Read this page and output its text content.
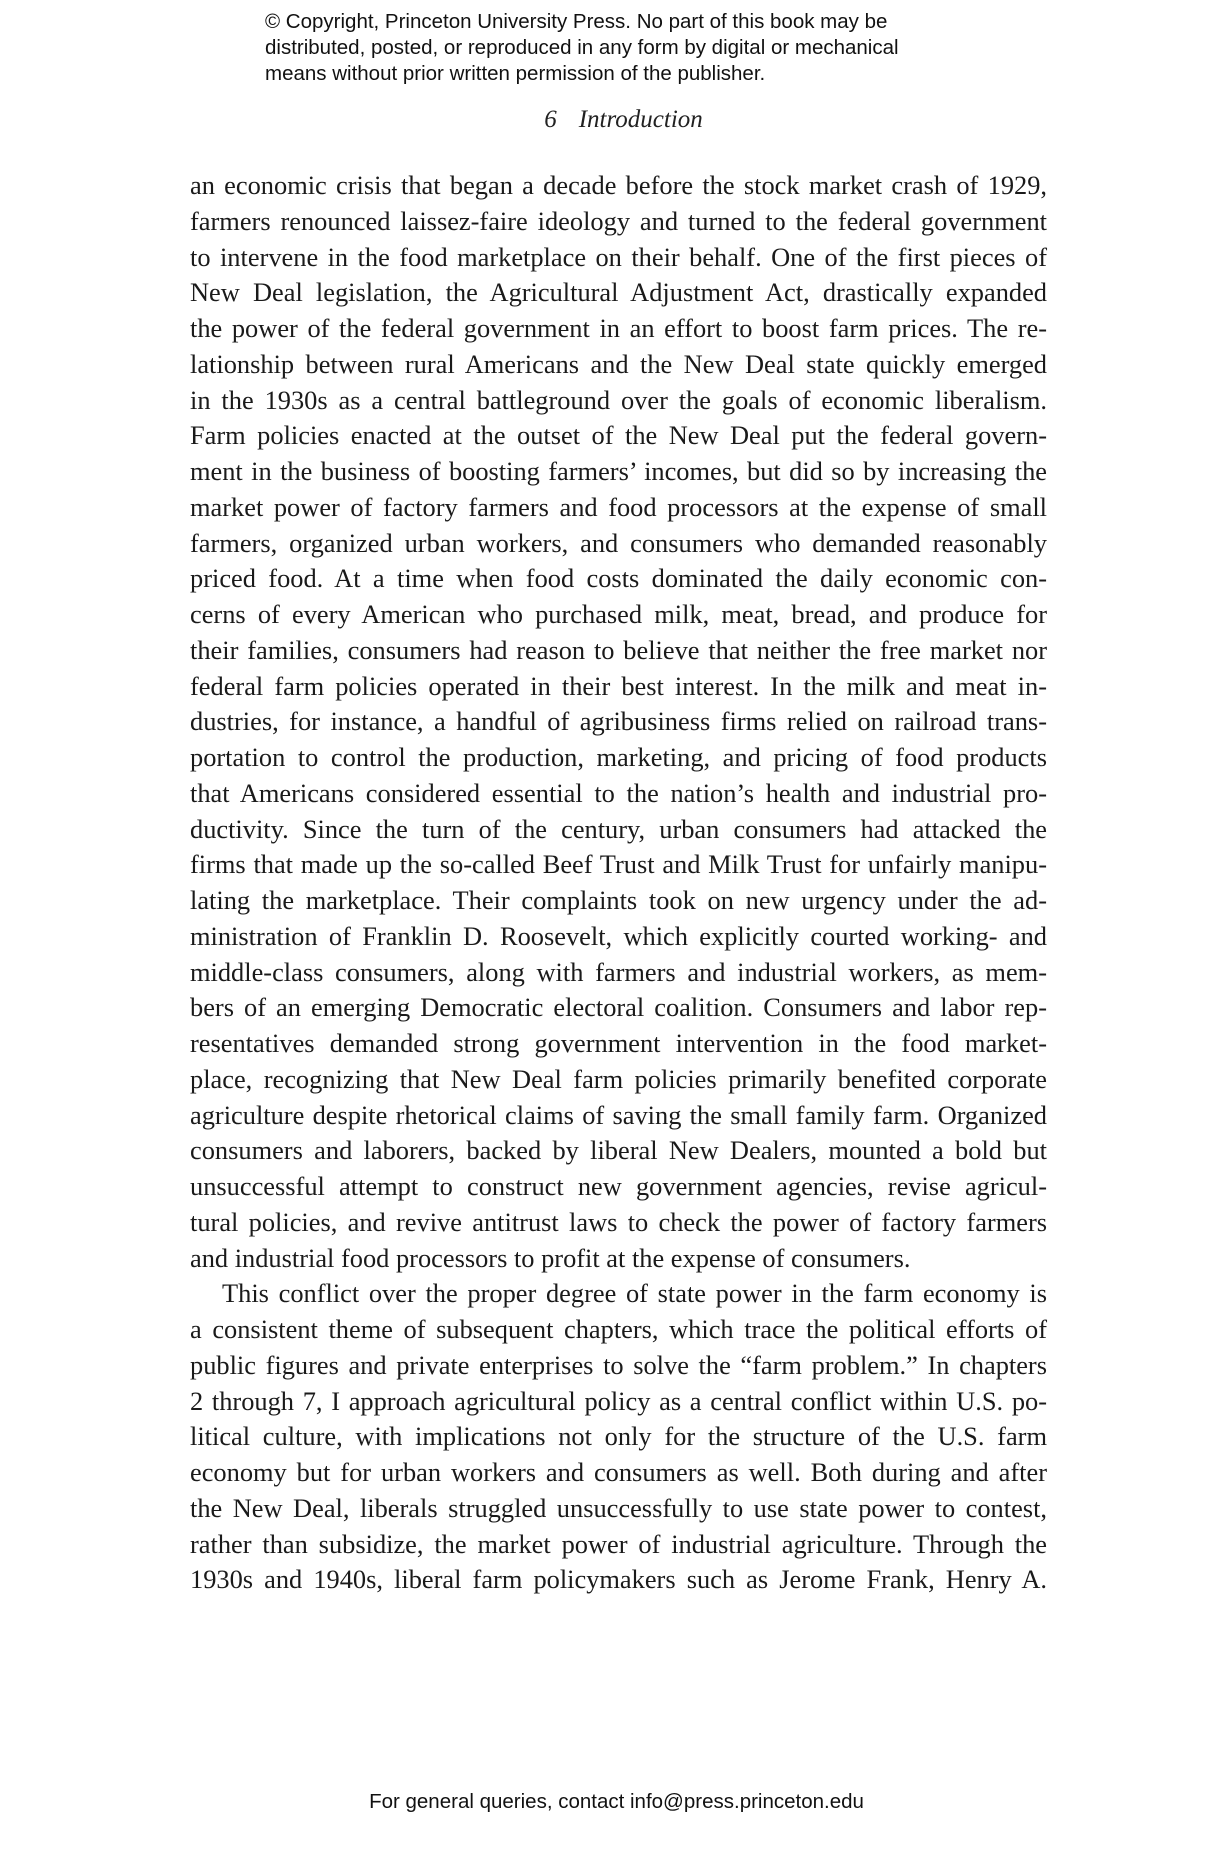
© Copyright, Princeton University Press. No part of this book may be
distributed, posted, or reproduced in any form by digital or mechanical
means without prior written permission of the publisher.
6 Introduction
an economic crisis that began a decade before the stock market crash of 1929,
farmers renounced laissez-faire ideology and turned to the federal government
to intervene in the food marketplace on their behalf. One of the first pieces of
New Deal legislation, the Agricultural Adjustment Act, drastically expanded
the power of the federal government in an effort to boost farm prices. The re-
lationship between rural Americans and the New Deal state quickly emerged
in the 1930s as a central battleground over the goals of economic liberalism.
Farm policies enacted at the outset of the New Deal put the federal govern-
ment in the business of boosting farmers’ incomes, but did so by increasing the
market power of factory farmers and food processors at the expense of small
farmers, organized urban workers, and consumers who demanded reasonably
priced food. At a time when food costs dominated the daily economic con-
cerns of every American who purchased milk, meat, bread, and produce for
their families, consumers had reason to believe that neither the free market nor
federal farm policies operated in their best interest. In the milk and meat in-
dustries, for instance, a handful of agribusiness firms relied on railroad trans-
portation to control the production, marketing, and pricing of food products
that Americans considered essential to the nation’s health and industrial pro-
ductivity. Since the turn of the century, urban consumers had attacked the
firms that made up the so-called Beef Trust and Milk Trust for unfairly manipu-
lating the marketplace. Their complaints took on new urgency under the ad-
ministration of Franklin D. Roosevelt, which explicitly courted working- and
middle-class consumers, along with farmers and industrial workers, as mem-
bers of an emerging Democratic electoral coalition. Consumers and labor rep-
resentatives demanded strong government intervention in the food market-
place, recognizing that New Deal farm policies primarily benefited corporate
agriculture despite rhetorical claims of saving the small family farm. Organized
consumers and laborers, backed by liberal New Dealers, mounted a bold but
unsuccessful attempt to construct new government agencies, revise agricul-
tural policies, and revive antitrust laws to check the power of factory farmers
and industrial food processors to profit at the expense of consumers.
This conflict over the proper degree of state power in the farm economy is
a consistent theme of subsequent chapters, which trace the political efforts of
public figures and private enterprises to solve the “farm problem.” In chapters
2 through 7, I approach agricultural policy as a central conflict within U.S. po-
litical culture, with implications not only for the structure of the U.S. farm
economy but for urban workers and consumers as well. Both during and after
the New Deal, liberals struggled unsuccessfully to use state power to contest,
rather than subsidize, the market power of industrial agriculture. Through the
1930s and 1940s, liberal farm policymakers such as Jerome Frank, Henry A.
For general queries, contact info@press.princeton.edu
